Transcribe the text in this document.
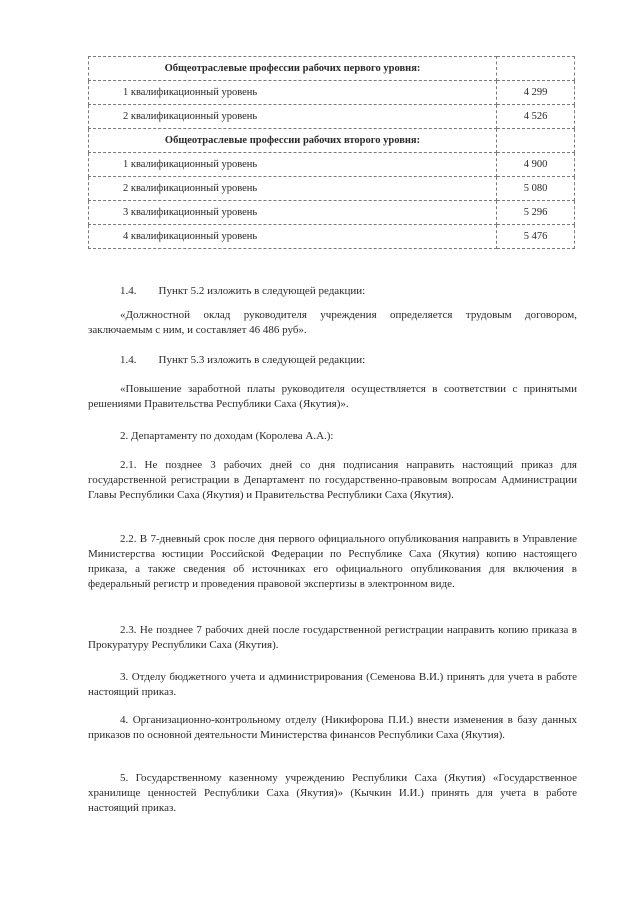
Общеотраслевые профессии рабочих первого уровня:	
1 квалификационный уровень	4 299
2 квалификационный уровень	4 526
Общеотраслевые профессии рабочих второго уровня:	
1 квалификационный уровень	4 900
2 квалификационный уровень	5 080
3 квалификационный уровень	5 296
4 квалификационный уровень	5 476

1.4.  Пункт 5.2 изложить в следующей редакции:

«Должностной оклад руководителя учреждения определяется трудовым договором, заключаемым с ним, и составляет 46 486 руб».

1.4.  Пункт 5.3 изложить в следующей редакции:

«Повышение заработной платы руководителя осуществляется в соответствии с принятыми решениями Правительства Республики Саха (Якутия)».

2. Департаменту по доходам (Королева А.А.):

2.1. Не позднее 3 рабочих дней со дня подписания направить настоящий приказ для государственной регистрации в Департамент по государственно-правовым вопросам Администрации Главы Республики Саха (Якутия) и Правительства Республики Саха (Якутия).

2.2. В 7-дневный срок после дня первого официального опубликования направить в Управление Министерства юстиции Российской Федерации по Республике Саха (Якутия) копию настоящего приказа, а также сведения об источниках его официального опубликования для включения в федеральный регистр и проведения правовой экспертизы в электронном виде.

2.3. Не позднее 7 рабочих дней после государственной регистрации направить копию приказа в Прокуратуру Республики Саха (Якутия).

3. Отделу бюджетного учета и администрирования (Семенова В.И.) принять для учета в работе настоящий приказ.

4. Организационно-контрольному отделу (Никифорова П.И.) внести изменения в базу данных приказов по основной деятельности Министерства финансов Республики Саха (Якутия).

5. Государственному казенному учреждению Республики Саха (Якутия) «Государственное хранилище ценностей Республики Саха (Якутия)» (Кычкин И.И.) принять для учета в работе настоящий приказ.
